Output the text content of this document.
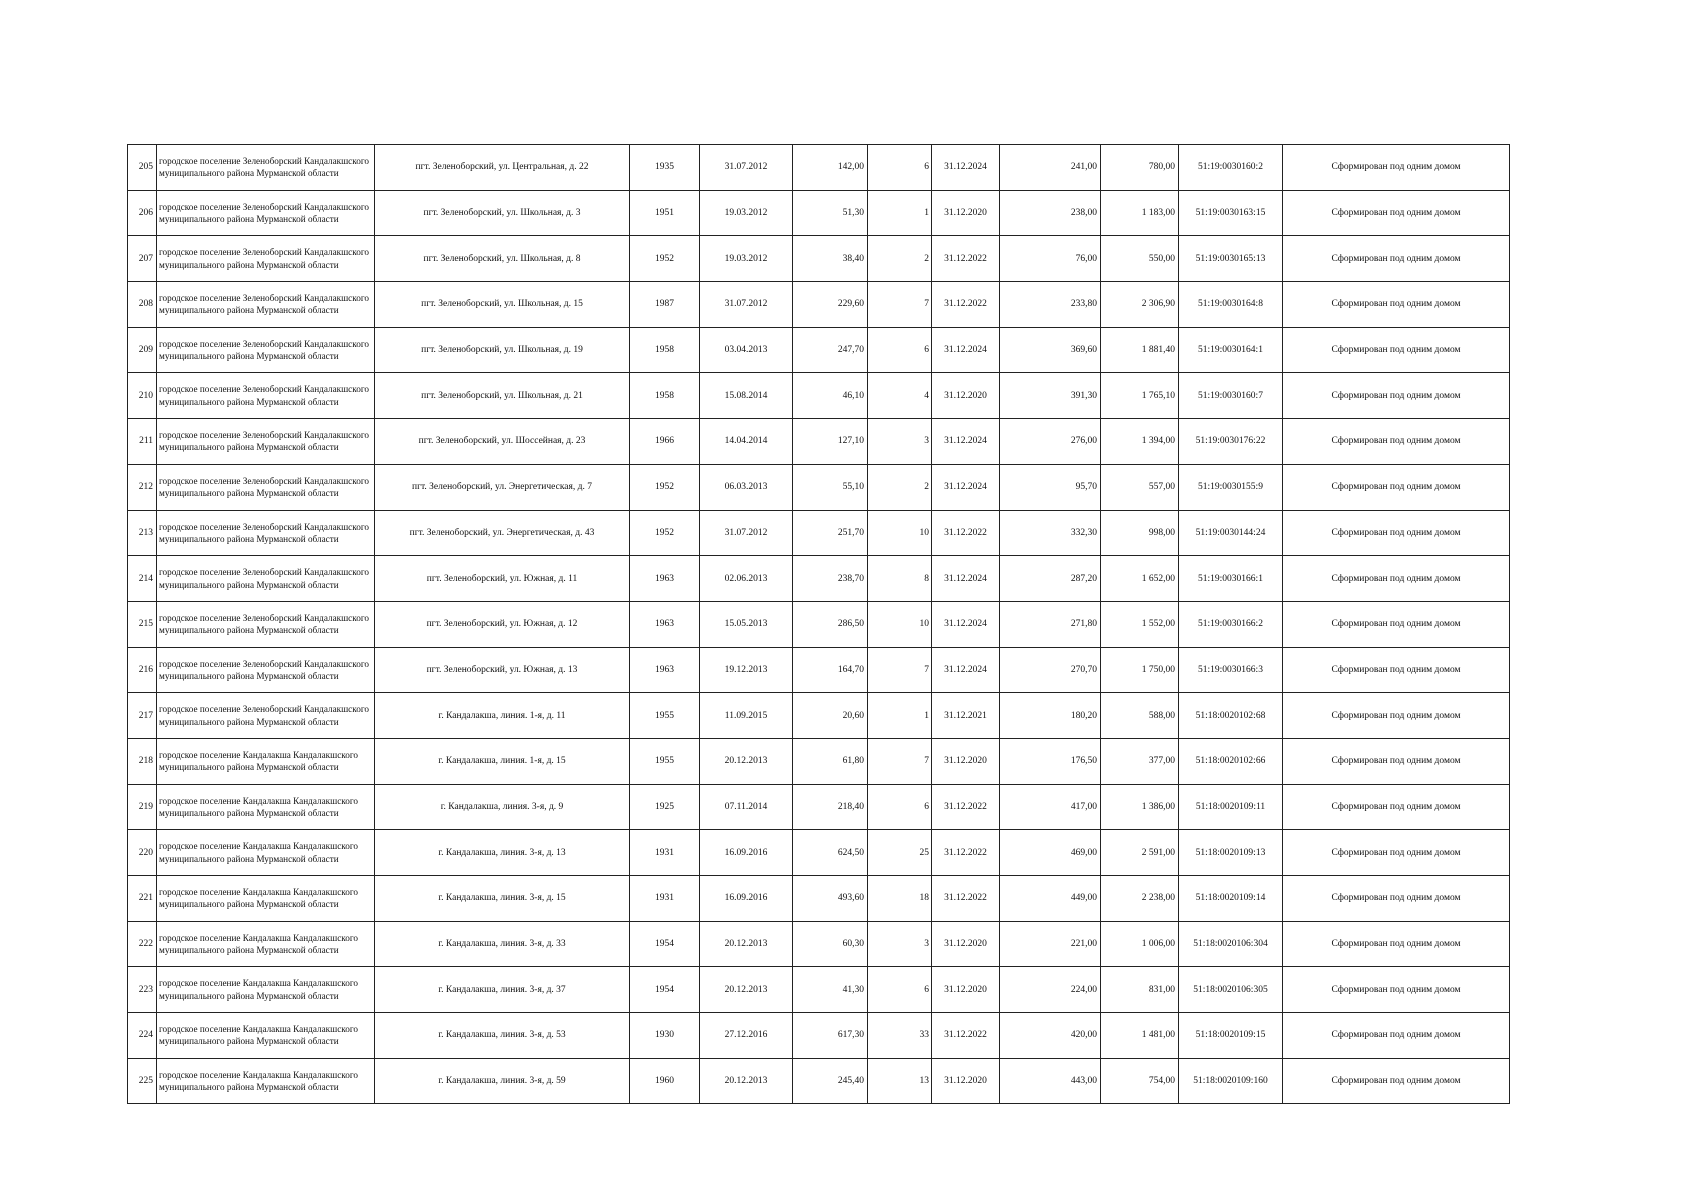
205	городское поселение Зеленоборский Кандалакшского муниципального района Мурманской области	пгт. Зеленоборский, ул. Центральная, д. 22	1935	31.07.2012	142,00	6	31.12.2024	241,00	780,00	51:19:0030160:2	Сформирован под одним домом
206	городское поселение Зеленоборский Кандалакшского муниципального района Мурманской области	пгт. Зеленоборский, ул. Школьная, д. 3	1951	19.03.2012	51,30	1	31.12.2020	238,00	1 183,00	51:19:0030163:15	Сформирован под одним домом
207	городское поселение Зеленоборский Кандалакшского муниципального района Мурманской области	пгт. Зеленоборский, ул. Школьная, д. 8	1952	19.03.2012	38,40	2	31.12.2022	76,00	550,00	51:19:0030165:13	Сформирован под одним домом
208	городское поселение Зеленоборский Кандалакшского муниципального района Мурманской области	пгт. Зеленоборский, ул. Школьная, д. 15	1987	31.07.2012	229,60	7	31.12.2022	233,80	2 306,90	51:19:0030164:8	Сформирован под одним домом
209	городское поселение Зеленоборский Кандалакшского муниципального района Мурманской области	пгт. Зеленоборский, ул. Школьная, д. 19	1958	03.04.2013	247,70	6	31.12.2024	369,60	1 881,40	51:19:0030164:1	Сформирован под одним домом
210	городское поселение Зеленоборский Кандалакшского муниципального района Мурманской области	пгт. Зеленоборский, ул. Школьная, д. 21	1958	15.08.2014	46,10	4	31.12.2020	391,30	1 765,10	51:19:0030160:7	Сформирован под одним домом
211	городское поселение Зеленоборский Кандалакшского муниципального района Мурманской области	пгт. Зеленоборский, ул. Шоссейная, д. 23	1966	14.04.2014	127,10	3	31.12.2024	276,00	1 394,00	51:19:0030176:22	Сформирован под одним домом
212	городское поселение Зеленоборский Кандалакшского муниципального района Мурманской области	пгт. Зеленоборский, ул. Энергетическая, д. 7	1952	06.03.2013	55,10	2	31.12.2024	95,70	557,00	51:19:0030155:9	Сформирован под одним домом
213	городское поселение Зеленоборский Кандалакшского муниципального района Мурманской области	пгт. Зеленоборский, ул. Энергетическая, д. 43	1952	31.07.2012	251,70	10	31.12.2022	332,30	998,00	51:19:0030144:24	Сформирован под одним домом
214	городское поселение Зеленоборский Кандалакшского муниципального района Мурманской области	пгт. Зеленоборский, ул. Южная, д. 11	1963	02.06.2013	238,70	8	31.12.2024	287,20	1 652,00	51:19:0030166:1	Сформирован под одним домом
215	городское поселение Зеленоборский Кандалакшского муниципального района Мурманской области	пгт. Зеленоборский, ул. Южная, д. 12	1963	15.05.2013	286,50	10	31.12.2024	271,80	1 552,00	51:19:0030166:2	Сформирован под одним домом
216	городское поселение Зеленоборский Кандалакшского муниципального района Мурманской области	пгт. Зеленоборский, ул. Южная, д. 13	1963	19.12.2013	164,70	7	31.12.2024	270,70	1 750,00	51:19:0030166:3	Сформирован под одним домом
217	городское поселение Зеленоборский Кандалакшского муниципального района Мурманской области	г. Кандалакша, линия. 1-я, д. 11	1955	11.09.2015	20,60	1	31.12.2021	180,20	588,00	51:18:0020102:68	Сформирован под одним домом
218	городское поселение Кандалакша Кандалакшского муниципального района Мурманской области	г. Кандалакша, линия. 1-я, д. 15	1955	20.12.2013	61,80	7	31.12.2020	176,50	377,00	51:18:0020102:66	Сформирован под одним домом
219	городское поселение Кандалакша Кандалакшского муниципального района Мурманской области	г. Кандалакша, линия. 3-я, д. 9	1925	07.11.2014	218,40	6	31.12.2022	417,00	1 386,00	51:18:0020109:11	Сформирован под одним домом
220	городское поселение Кандалакша Кандалакшского муниципального района Мурманской области	г. Кандалакша, линия. 3-я, д. 13	1931	16.09.2016	624,50	25	31.12.2022	469,00	2 591,00	51:18:0020109:13	Сформирован под одним домом
221	городское поселение Кандалакша Кандалакшского муниципального района Мурманской области	г. Кандалакша, линия. 3-я, д. 15	1931	16.09.2016	493,60	18	31.12.2022	449,00	2 238,00	51:18:0020109:14	Сформирован под одним домом
222	городское поселение Кандалакша Кандалакшского муниципального района Мурманской области	г. Кандалакша, линия. 3-я, д. 33	1954	20.12.2013	60,30	3	31.12.2020	221,00	1 006,00	51:18:0020106:304	Сформирован под одним домом
223	городское поселение Кандалакша Кандалакшского муниципального района Мурманской области	г. Кандалакша, линия. 3-я, д. 37	1954	20.12.2013	41,30	6	31.12.2020	224,00	831,00	51:18:0020106:305	Сформирован под одним домом
224	городское поселение Кандалакша Кандалакшского муниципального района Мурманской области	г. Кандалакша, линия. 3-я, д. 53	1930	27.12.2016	617,30	33	31.12.2022	420,00	1 481,00	51:18:0020109:15	Сформирован под одним домом
225	городское поселение Кандалакша Кандалакшского муниципального района Мурманской области	г. Кандалакша, линия. 3-я, д. 59	1960	20.12.2013	245,40	13	31.12.2020	443,00	754,00	51:18:0020109:160	Сформирован под одним домом
